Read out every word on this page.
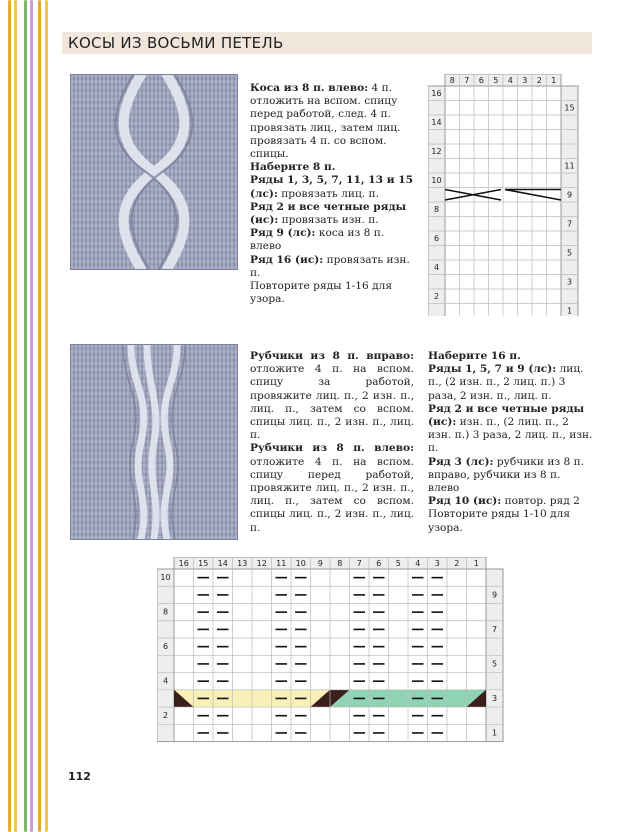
КОСЫ ИЗ ВОСЬМИ ПЕТЕЛЬ

Коса из 8 п. влево: 4 п. отложить на вспом. спицу перед работой, след. 4 п. провязать лиц., затем лиц. провязать 4 п. со вспом. спицы.

Наберите 8 п.

Ряды 1, 3, 5, 7, 11, 13 и 15 (лс): провязать лиц. п.

Ряд 2 и все четные ряды (ис): провязать изн. п.

Ряд 9 (лс): коса из 8 п. влево

Ряд 16 (ис): провязать изн. п.

Повторите ряды 1-16 для узора.

8 7 6 5 4 3 2 1
16
14
12
10
8
6
4
2
15
11
9
7
5
3
1

Рубчики из 8 п. вправо: отложите 4 п. на вспом. спицу за работой, провяжите лиц. п., 2 изн. п., лиц. п., затем со вспом. спицы лиц. п., 2 изн. п., лиц. п.

Рубчики из 8 п. влево: отложите 4 п. на вспом. спицу перед работой, провяжите лиц. п., 2 изн. п., лиц. п., затем со вспом. спицы лиц. п., 2 изн. п., лиц. п.

Наберите 16 п.

Ряды 1, 5, 7 и 9 (лс): лиц. п., (2 изн. п., 2 лиц. п.) 3 раза, 2 изн. п., лиц. п.

Ряд 2 и все четные ряды (ис): изн. п., (2 лиц. п., 2 изн. п.) 3 раза, 2 лиц. п., изн. п.

Ряд 3 (лс): рубчики из 8 п. вправо, рубчики из 8 п. влево

Ряд 10 (ис): повтор. ряд 2

Повторите ряды 1-10 для узора.

16 15 14 13 12 11 10 9 8 7 6 5 4 3 2 1
10
8
6
4
2
9
7
5
3
1
112
